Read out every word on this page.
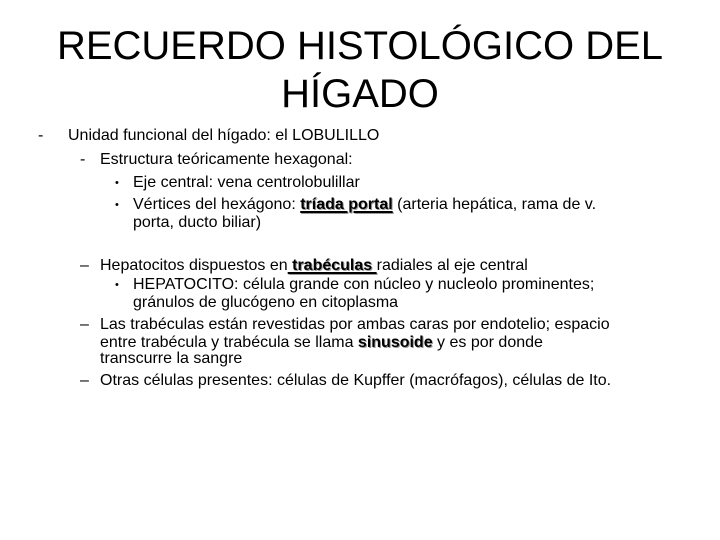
RECUERDO HISTOLÓGICO DEL
HÍGADO
- Unidad funcional del hígado: el LOBULILLO
- Estructura teóricamente hexagonal:
• Eje central: vena centrolobulillar
• Vértices del hexágono: tríada portal (arteria hepática, rama de v.
porta, ducto biliar)
– Hepatocitos dispuestos en trabéculas radiales al eje central
• HEPATOCITO: célula grande con núcleo y nucleolo prominentes;
gránulos de glucógeno en citoplasma
– Las trabéculas están revestidas por ambas caras por endotelio; espacio
entre trabécula y trabécula se llama sinusoide y es por donde
transcurre la sangre
– Otras células presentes: células de Kupffer (macrófagos), células de Ito.
